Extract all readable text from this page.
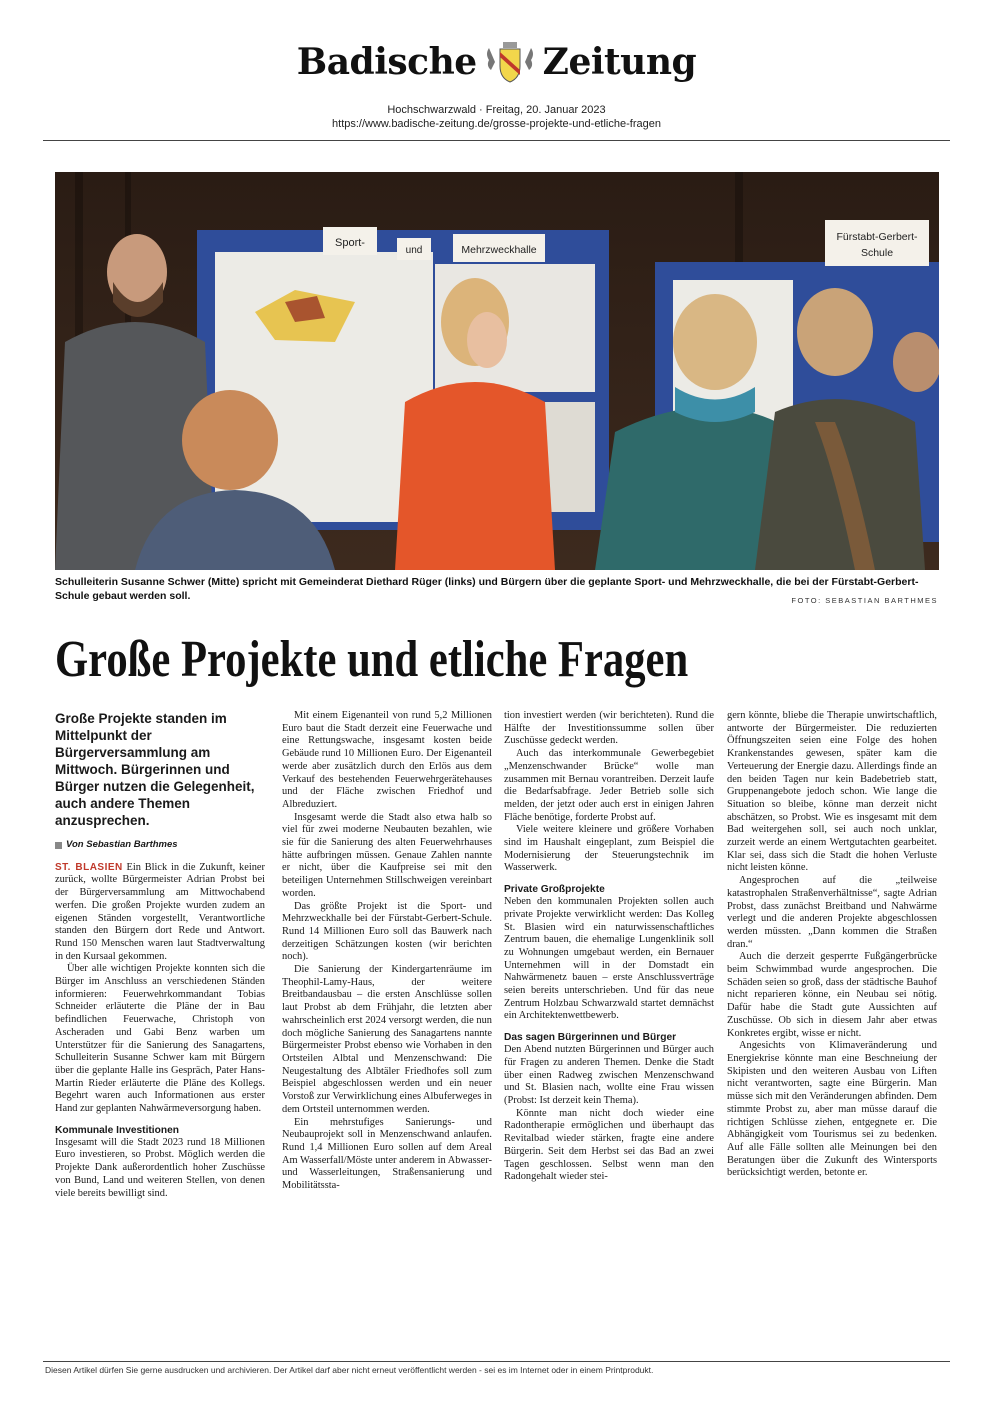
Badische Zeitung
Hochschwarzwald · Freitag, 20. Januar 2023
https://www.badische-zeitung.de/grosse-projekte-und-etliche-fragen
Sport-
und	Mehrzweckhalle
Fürstabt-Gerbert-
Schule
Schulleiterin Susanne Schwer (Mitte) spricht mit Gemeinderat Diethard Rüger (links) und Bürgern über die geplante Sport- und Mehrzweckhalle, die bei der Fürstabt-Gerbert-Schule gebaut werden soll.	FOTO: SEBASTIAN BARTHMES
Große Projekte und etliche Fragen
Große Projekte standen im Mittelpunkt der Bürgerversammlung am Mittwoch. Bürgerinnen und Bürger nutzen die Gelegenheit, auch andere Themen anzusprechen.
Von Sebastian Barthmes

ST. BLASIEN Ein Blick in die Zukunft, keiner zurück, wollte Bürgermeister Adrian Probst bei der Bürgerversammlung am Mittwochabend werfen. Die großen Projekte wurden zudem an eigenen Ständen vorgestellt, Verantwortliche standen den Bürgern dort Rede und Antwort. Rund 150 Menschen waren laut Stadtverwaltung in den Kursaal gekommen.

Über alle wichtigen Projekte konnten sich die Bürger im Anschluss an verschiedenen Ständen informieren: Feuerwehrkommandant Tobias Schneider erläuterte die Pläne der in Bau befindlichen Feuerwache, Christoph von Ascheraden und Gabi Benz warben um Unterstützer für die Sanierung des Sanagartens, Schulleiterin Susanne Schwer kam mit Bürgern über die geplante Halle ins Gespräch, Pater Hans-Martin Rieder erläuterte die Pläne des Kollegs. Begehrt waren auch Informationen aus erster Hand zur geplanten Nahwärmeversorgung haben.

Kommunale Investitionen

Insgesamt will die Stadt 2023 rund 18 Millionen Euro investieren, so Probst. Möglich werden die Projekte Dank außerordentlich hoher Zuschüsse von Bund, Land und weiteren Stellen, von denen viele bereits bewilligt sind.

Mit einem Eigenanteil von rund 5,2 Millionen Euro baut die Stadt derzeit eine Feuerwache und eine Rettungswache, insgesamt kosten beide Gebäude rund 10 Millionen Euro. Der Eigenanteil werde aber zusätzlich durch den Erlös aus dem Verkauf des bestehenden Feuerwehrgerätehauses und der Fläche zwischen Friedhof und Albreduziert.

Insgesamt werde die Stadt also etwa halb so viel für zwei moderne Neubauten bezahlen, wie sie für die Sanierung des alten Feuerwehrhauses hätte aufbringen müssen. Genaue Zahlen nannte er nicht, über die Kaufpreise sei mit den beteiligen Unternehmen Stillschweigen vereinbart worden.

Das größte Projekt ist die Sport- und Mehrzweckhalle bei der Fürstabt-Gerbert-Schule. Rund 14 Millionen Euro soll das Bauwerk nach derzeitigen Schätzungen kosten (wir berichten noch).

Die Sanierung der Kindergartenräume im Theophil-Lamy-Haus, der weitere Breitbandausbau – die ersten Anschlüsse sollen laut Probst ab dem Frühjahr, die letzten aber wahrscheinlich erst 2024 versorgt werden, die nun doch mögliche Sanierung des Sanagartens nannte Bürgermeister Probst ebenso wie Vorhaben in den Ortsteilen Albtal und Menzenschwand: Die Neugestaltung des Albtäler Friedhofes soll zum Beispiel abgeschlossen werden und ein neuer Vorstoß zur Verwirklichung eines Albuferweges in dem Ortsteil unternommen werden.

Ein mehrstufiges Sanierungs- und Neubauprojekt soll in Menzenschwand anlaufen. Rund 1,4 Millionen Euro sollen auf dem Areal Am Wasserfall/Möste unter anderem in Abwasser- und Wasserleitungen, Straßensanierung und Mobilitätssta-

tion investiert werden (wir berichteten). Rund die Hälfte der Investitionssumme sollen über Zuschüsse gedeckt werden.

Auch das interkommunale Gewerbegebiet „Menzenschwander Brücke“ wolle man zusammen mit Bernau vorantreiben. Derzeit laufe die Bedarfsabfrage. Jeder Betrieb solle sich melden, der jetzt oder auch erst in einigen Jahren Fläche benötige, forderte Probst auf.

Viele weitere kleinere und größere Vorhaben sind im Haushalt eingeplant, zum Beispiel die Modernisierung der Steuerungstechnik im Wasserwerk.

Private Großprojekte

Neben den kommunalen Projekten sollen auch private Projekte verwirklicht werden: Das Kolleg St. Blasien wird ein naturwissenschaftliches Zentrum bauen, die ehemalige Lungenklinik soll zu Wohnungen umgebaut werden, ein Bernauer Unternehmen will in der Domstadt ein Nahwärmenetz bauen – erste Anschlussverträge seien bereits unterschrieben. Und für das neue Zentrum Holzbau Schwarzwald startet demnächst ein Architektenwettbewerb.

Das sagen Bürgerinnen und Bürger

Den Abend nutzten Bürgerinnen und Bürger auch für Fragen zu anderen Themen. Denke die Stadt über einen Radweg zwischen Menzenschwand und St. Blasien nach, wollte eine Frau wissen (Probst: Ist derzeit kein Thema).

Könnte man nicht doch wieder eine Radontherapie ermöglichen und überhaupt das Revitalbad wieder stärken, fragte eine andere Bürgerin. Seit dem Herbst sei das Bad an zwei Tagen geschlossen. Selbst wenn man den Radongehalt wieder stei-

gern könnte, bliebe die Therapie unwirtschaftlich, antworte der Bürgermeister. Die reduzierten Öffnungszeiten seien eine Folge des hohen Krankenstandes gewesen, später kam die Verteuerung der Energie dazu. Allerdings finde an den beiden Tagen nur kein Badebetrieb statt, Gruppenangebote jedoch schon. Wie lange die Situation so bleibe, könne man derzeit nicht abschätzen, so Probst. Wie es insgesamt mit dem Bad weitergehen soll, sei auch noch unklar, zurzeit werde an einem Wertgutachten gearbeitet. Klar sei, dass sich die Stadt die hohen Verluste nicht leisten könne.

Angesprochen auf die „teilweise katastrophalen Straßenverhältnisse“, sagte Adrian Probst, dass zunächst Breitband und Nahwärme verlegt und die anderen Projekte abgeschlossen werden müssten. „Dann kommen die Straßen dran.“

Auch die derzeit gesperrte Fußgängerbrücke beim Schwimmbad wurde angesprochen. Die Schäden seien so groß, dass der städtische Bauhof nicht reparieren könne, ein Neubau sei nötig. Dafür habe die Stadt gute Aussichten auf Zuschüsse. Ob sich in diesem Jahr aber etwas Konkretes ergibt, wisse er nicht.

Angesichts von Klimaveränderung und Energiekrise könnte man eine Beschneiung der Skipisten und den weiteren Ausbau von Liften nicht verantworten, sagte eine Bürgerin. Man müsse sich mit den Veränderungen abfinden. Dem stimmte Probst zu, aber man müsse darauf die richtigen Schlüsse ziehen, entgegnete er. Die Abhängigkeit vom Tourismus sei zu bedenken. Auf alle Fälle sollten alle Meinungen bei den Beratungen über die Zukunft des Wintersports berücksichtigt werden, betonte er.

Diesen Artikel dürfen Sie gerne ausdrucken und archivieren. Der Artikel darf aber nicht erneut veröffentlicht werden - sei es im Internet oder in einem Printprodukt.
